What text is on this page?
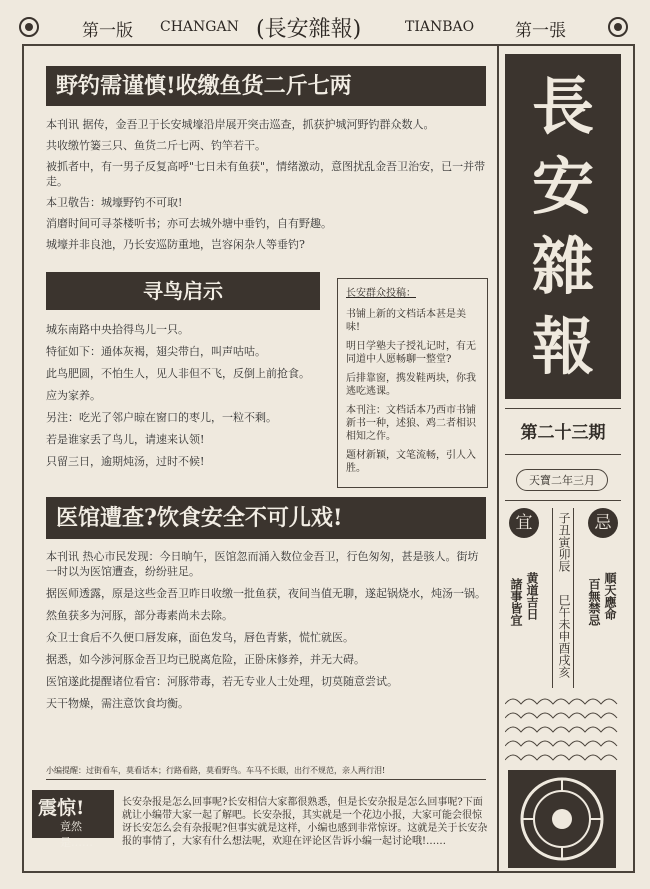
第一版 CHANGAN (長安雜報)	TIANBAO 第一張
野钓需谨慎!收缴鱼货二斤七两
本刊讯 据传，金吾卫于长安城壕沿岸展开突击巡查，抓获护城河野钓群众数人。
共收缴竹篓三只、鱼货二斤七两、钓竿若干。
被抓者中，有一男子反复高呼"七日未有鱼获"，情绪激动，意图扰乱金吾卫治安，已一并带走。
本卫敬告：城壕野钓不可取!
消磨时间可寻茶楼听书；亦可去城外塘中垂钓，自有野趣。
城壕并非良池，乃长安巡防重地，岂容闲杂人等垂钓?
寻鸟启示
城东南路中央拾得鸟儿一只。
特征如下：通体灰褐，翅尖带白，叫声咕咕。
此鸟肥圆，不怕生人，见人非但不飞，反倒上前抢食。
应为家养。
另注：吃光了邻户晾在窗口的枣儿，一粒不剩。
若是谁家丢了鸟儿，请速来认领!
只留三日，逾期炖汤，过时不候!

长安群众投稿：

书铺上新的文档话本甚是美味!

明日学塾夫子授礼记时，有无同道中人愿畅聊一整堂?

后排靠窗，携发鞋两块，你我逃吃逃课。

本刊注：文档话本乃西市书铺新书一种，述狼、鸡二者相识相知之作。

题材新颖，文笔流畅，引人入胜。

医馆遭查?饮食安全不可儿戏!
本刊讯 热心市民发现：今日晌午，医馆忽而涌入数位金吾卫，行色匆匆，甚是骇人。街坊一时以为医馆遭查，纷纷驻足。
据医师透露，原是这些金吾卫昨日收缴一批鱼获，夜间当值无聊，遂起锅烧水，炖汤一锅。
然鱼获多为河豚，部分毒素尚未去除。
众卫士食后不久便口唇发麻，面色发乌，唇色青紫，慌忙就医。
据悉，如今涉河豚金吾卫均已脱离危险，正卧床修养，并无大碍。
医馆遂此提醒诸位看官：河豚带毒，若无专业人士处理，切莫随意尝试。
天干物燥，需注意饮食均衡。
小编提醒：过街看车，莫看话本；行路看路，莫看野鸟。车马不长眼，出行不规范，亲人两行泪!
震惊!
竟然是……
长安杂报是怎么回事呢?长安相信大家都很熟悉，但是长安杂报是怎么回事呢?下面就让小编带大家一起了解吧。长安杂报，其实就是一个花边小报，大家可能会很惊讶长安怎么会有杂报呢?但事实就是这样，小编也感到非常惊讶。这就是关于长安杂报的事情了，大家有什么想法呢，欢迎在评论区告诉小编一起讨论哦!……
長
安
雜
報
第二十三期
天寶二年三月
宜	忌
子丑寅卯辰
巳午未申酉戌亥
黄道吉日
諸事皆宜	順天應命
百無禁忌
